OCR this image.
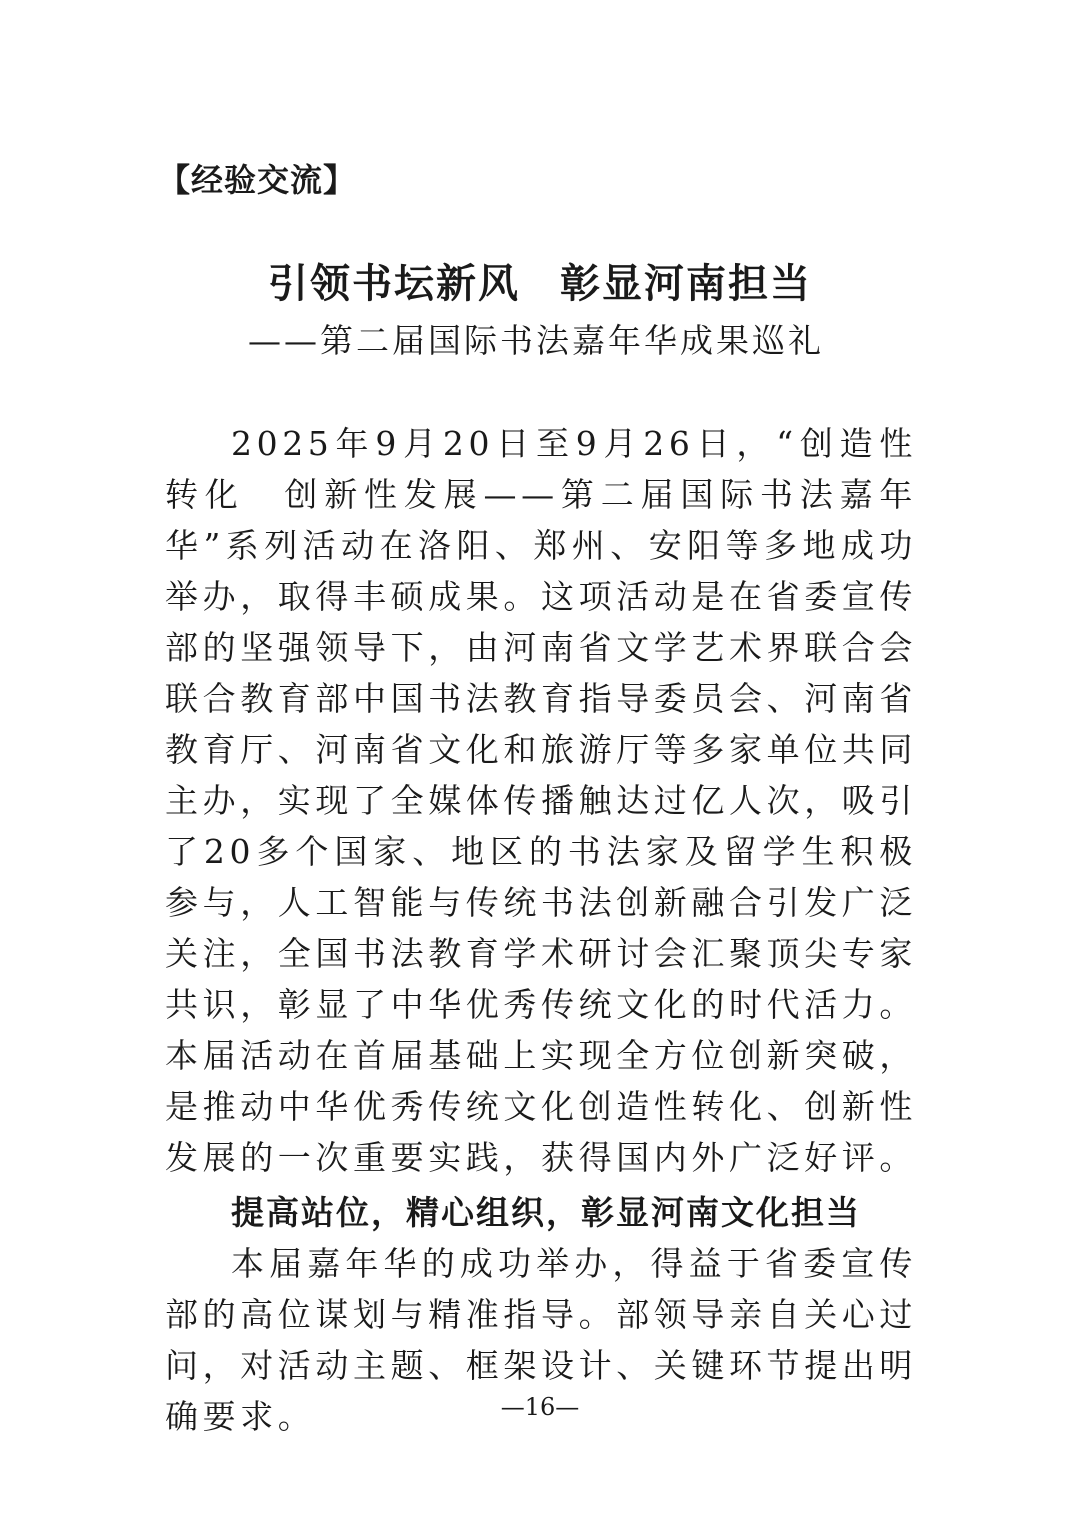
【经验交流】
引领书坛新风 彰显河南担当
——第二届国际书法嘉年华成果巡礼

2025年9月20日至9月26日，“创造性转化　创新性发展——第二届国际书法嘉年华”系列活动在洛阳、郑州、安阳等多地成功举办，取得丰硕成果。这项活动是在省委宣传部的坚强领导下，由河南省文学艺术界联合会联合教育部中国书法教育指导委员会、河南省教育厅、河南省文化和旅游厅等多家单位共同主办，实现了全媒体传播触达过亿人次，吸引了20多个国家、地区的书法家及留学生积极参与，人工智能与传统书法创新融合引发广泛关注，全国书法教育学术研讨会汇聚顶尖专家共识，彰显了中华优秀传统文化的时代活力。本届活动在首届基础上实现全方位创新突破，是推动中华优秀传统文化创造性转化、创新性发展的一次重要实践，获得国内外广泛好评。

提高站位，精心组织，彰显河南文化担当

本届嘉年华的成功举办，得益于省委宣传部的高位谋划与精准指导。部领导亲自关心过问，对活动主题、框架设计、关键环节提出明确要求。	—16—
